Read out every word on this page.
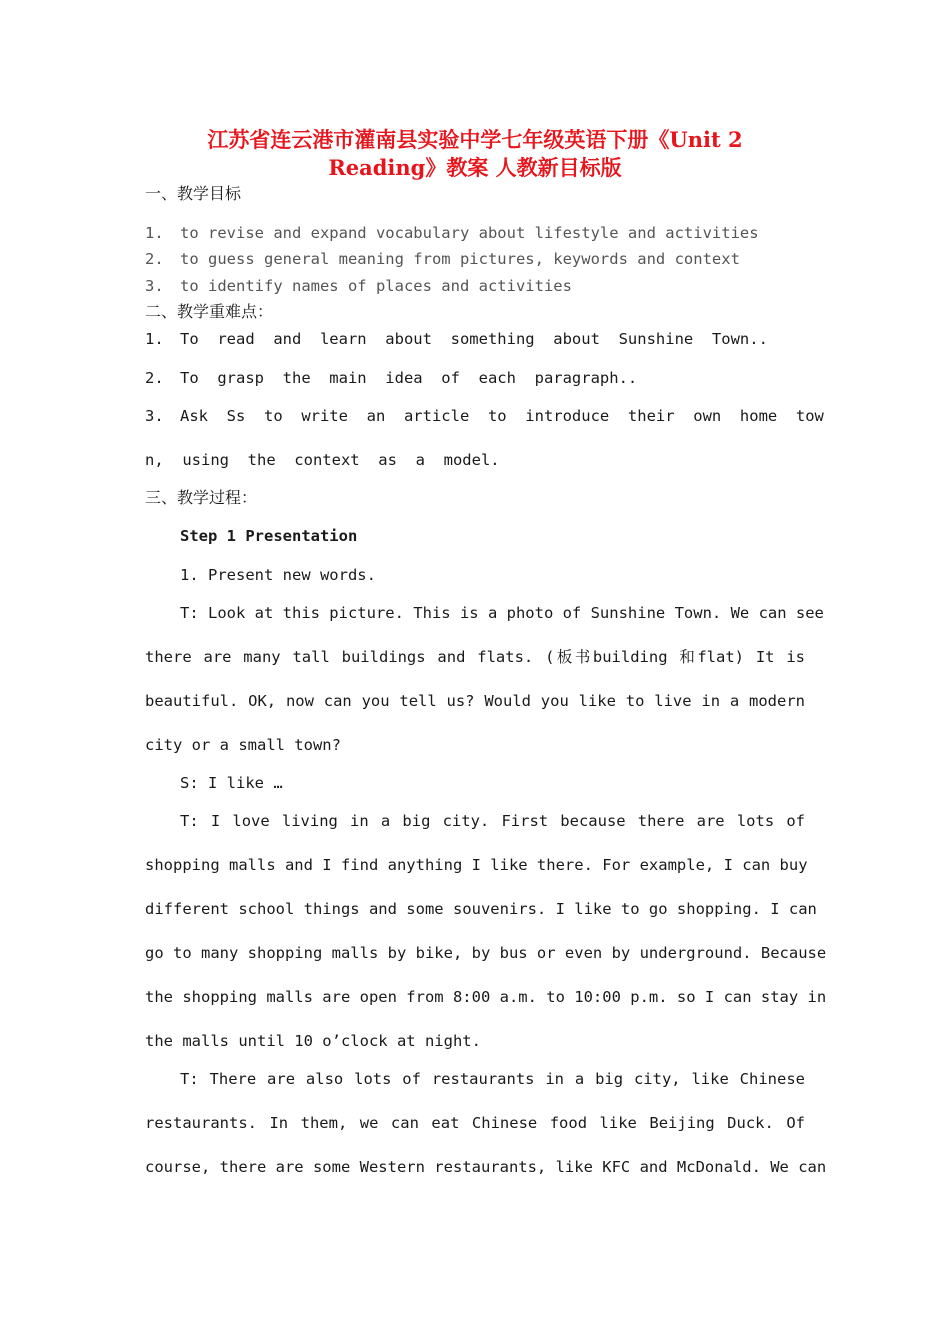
江苏省连云港市灌南县实验中学七年级英语下册《Unit 2
Reading》教案 人教新目标版
一、教学目标
1. to revise and expand vocabulary about lifestyle and activities
2. to guess general meaning from pictures, keywords and context
3. to identify names of places and activities
二、教学重难点：
1. To  read  and  learn  about  something  about  Sunshine  Town..
2. To  grasp  the  main  idea  of  each  paragraph..
3. Ask  Ss  to  write  an  article  to  introduce  their  own  home  tow
n,  using  the  context  as  a  model.
三、教学过程：
Step 1 Presentation
1. Present new words.
T: Look at this picture. This is a photo of Sunshine Town. We can see
there are many tall buildings and flats. (板书building 和flat) It is
beautiful. OK, now can you tell us? Would you like to live in a modern
city or a small town?
S: I like …
T: I love living in a big city. First because there are lots of
shopping malls and I find anything I like there. For example, I can buy
different school things and some souvenirs. I like to go shopping. I can
go to many shopping malls by bike, by bus or even by underground. Because
the shopping malls are open from 8:00 a.m. to 10:00 p.m. so I can stay in
the malls until 10 o’clock at night.
T: There are also lots of restaurants in a big city, like Chinese
restaurants. In them, we can eat Chinese food like Beijing Duck. Of
course, there are some Western restaurants, like KFC and McDonald. We can
